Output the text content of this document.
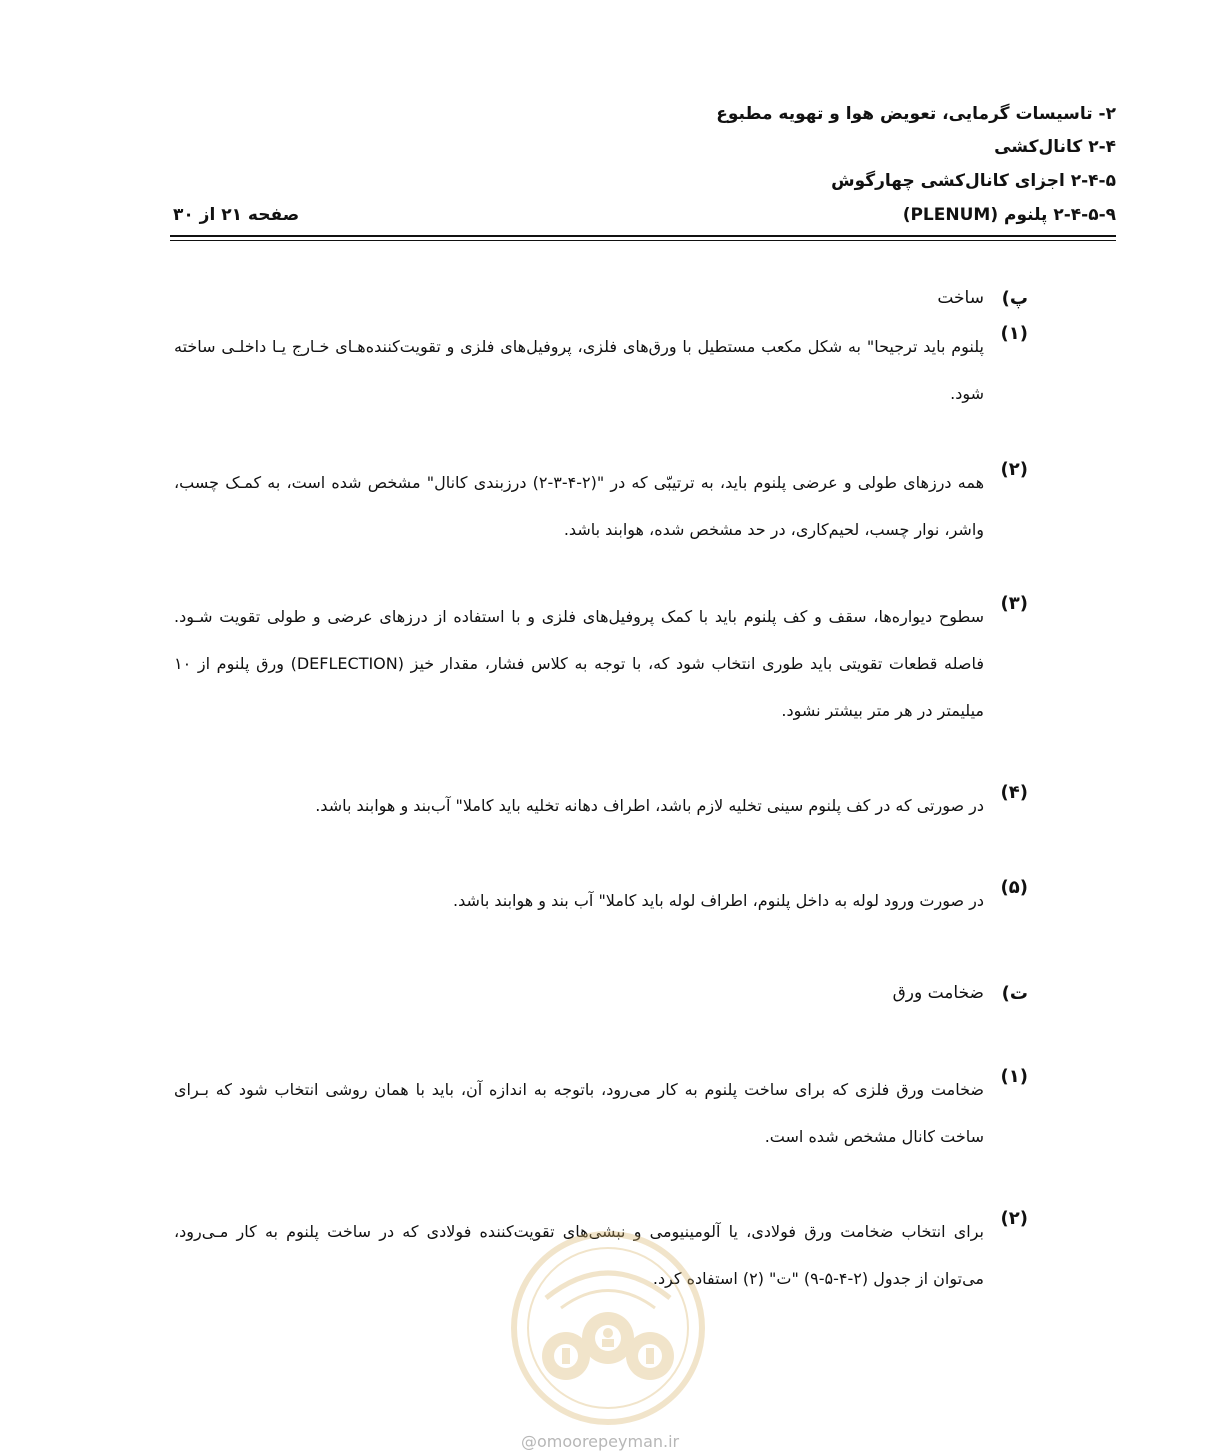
۲- تاسیسات گرمایی، تعویض هوا و تهویه مطبوع
۲-۴ کانال‌کشی
۲-۴-۵ اجزای کانال‌کشی چهارگوش
۲-۴-۵-۹ پلنوم (PLENUM)
صفحه ۲۱ از ۳۰
پ)
ساخت
(۱)
پلنوم باید ترجیحا" به شکل مکعب مستطیل با ورق‌های فلزی، پروفیل‌های فلزی و تقویت‌کننده‌هـای خـارج یـا داخلـی ساخته شود.
(۲)
همه درزهای طولی و عرضی پلنوم باید، به ترتیبّی که در "(۲-۴-۳-۲) درزبندی کانال" مشخص شده است، به کمـک چسب، واشر، نوار چسب، لحیم‌کاری، در حد مشخص شده، هوابند باشد.
(۳)
سطوح دیواره‌ها، سقف و کف پلنوم باید با کمک پروفیل‌های فلزی و با استفاده از درزهای عرضی و طولی تقویت شـود. فاصله قطعات تقویتی باید طوری انتخاب شود که، با توجه به کلاس فشار، مقدار خیز (DEFLECTION) ورق پلنوم از ۱۰ میلیمتر در هر متر بیشتر نشود.
(۴)
در صورتی که در کف پلنوم سینی تخلیه لازم باشد، اطراف دهانه تخلیه باید کاملا" آب‌بند و هوابند باشد.
(۵)
در صورت ورود لوله به داخل پلنوم، اطراف لوله باید کاملا" آب بند و هوابند باشد.
ت)
ضخامت ورق
(۱)
ضخامت ورق فلزی که برای ساخت پلنوم به کار می‌رود، باتوجه به اندازه آن، باید با همان روشی انتخاب شود که بـرای ساخت کانال مشخص شده است.
(۲)
برای انتخاب ضخامت ورق فولادی، یا آلومینیومی و نبشی‌های تقویت‌کننده فولادی که در ساخت پلنوم به کار مـی‌رود، می‌توان از جدول (۲-۴-۵-۹) "ت" (۲) استفاده کرد.
@omoorepeyman.ir
